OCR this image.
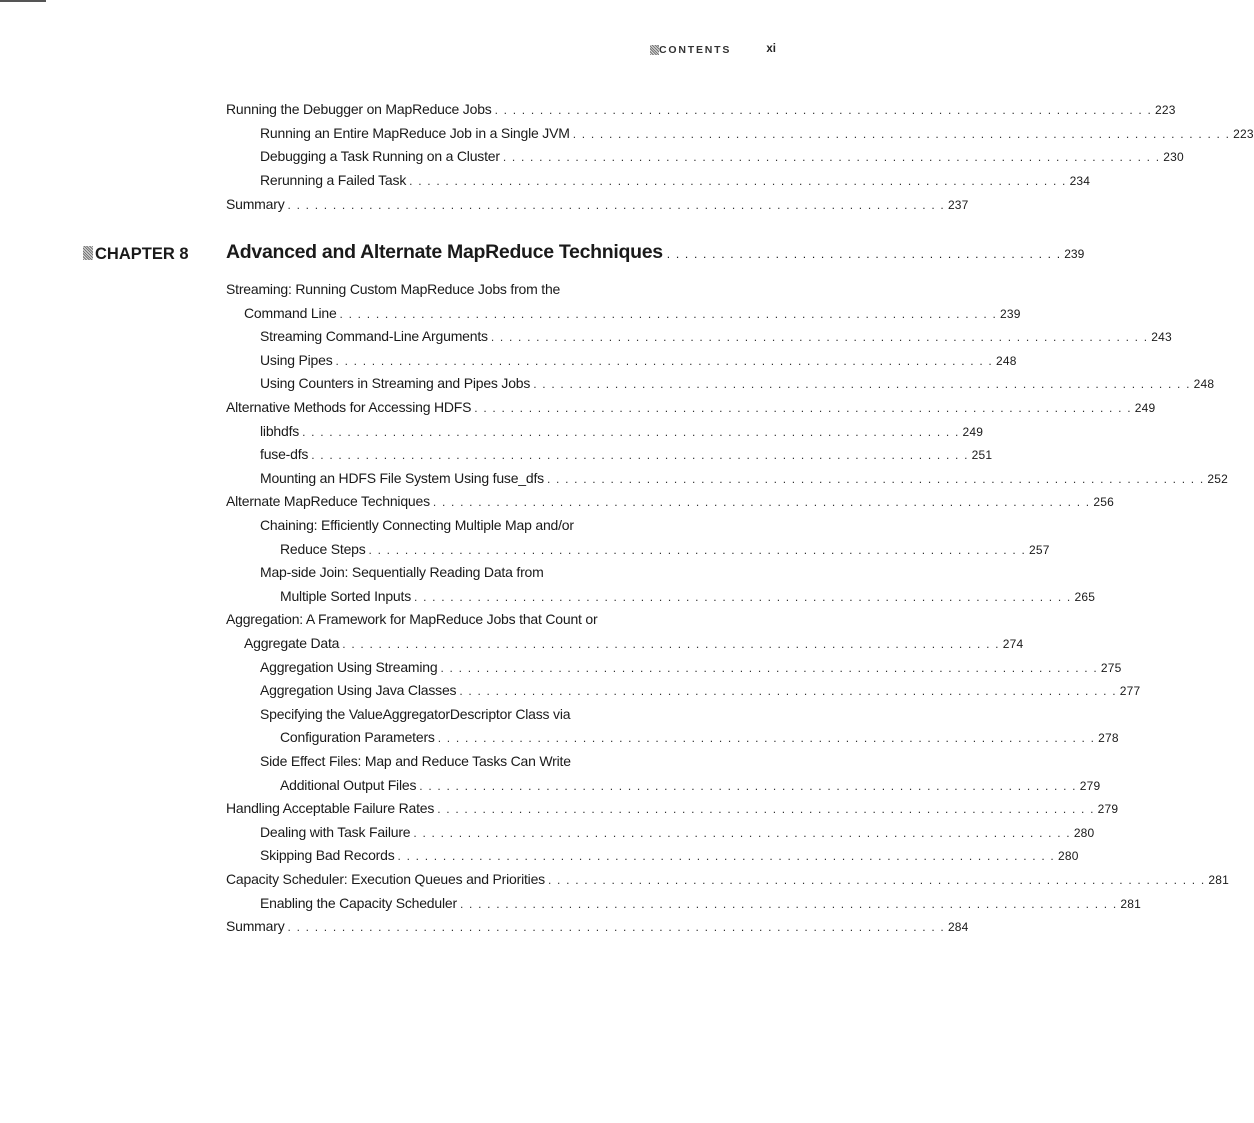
CONTENTS	xi
Running the Debugger on MapReduce Jobs . . . . . . . . . . . . . . . . . . . . . . . . . . . . . . . . . . . . . . . . . . . . . . . . . . . . . . . . . . . . . . . . . . . . . . . . . 223
Running an Entire MapReduce Job in a Single JVM . . . . . . . . . . . . . . . . . . . . . . . . . . . . . . . . . . . . . . . . . . . . . . . . . . . . . . . . . . . . . . . . . . . . . . . . . 223
Debugging a Task Running on a Cluster . . . . . . . . . . . . . . . . . . . . . . . . . . . . . . . . . . . . . . . . . . . . . . . . . . . . . . . . . . . . . . . . . . . . . . . . . 230
Rerunning a Failed Task . . . . . . . . . . . . . . . . . . . . . . . . . . . . . . . . . . . . . . . . . . . . . . . . . . . . . . . . . . . . . . . . . . . . . . . . . 234
Summary . . . . . . . . . . . . . . . . . . . . . . . . . . . . . . . . . . . . . . . . . . . . . . . . . . . . . . . . . . . . . . . . . . . . . . . . . 237
CHAPTER 8	Advanced and Alternate MapReduce Techniques . . . . . . . . . . . . . . . . . . . . . . . . . . . . . . . . . . . . . . . . . . . . 239
Streaming: Running Custom MapReduce Jobs from the
Command Line . . . . . . . . . . . . . . . . . . . . . . . . . . . . . . . . . . . . . . . . . . . . . . . . . . . . . . . . . . . . . . . . . . . . . . . . . 239
Streaming Command-Line Arguments . . . . . . . . . . . . . . . . . . . . . . . . . . . . . . . . . . . . . . . . . . . . . . . . . . . . . . . . . . . . . . . . . . . . . . . . . 243
Using Pipes . . . . . . . . . . . . . . . . . . . . . . . . . . . . . . . . . . . . . . . . . . . . . . . . . . . . . . . . . . . . . . . . . . . . . . . . . 248
Using Counters in Streaming and Pipes Jobs . . . . . . . . . . . . . . . . . . . . . . . . . . . . . . . . . . . . . . . . . . . . . . . . . . . . . . . . . . . . . . . . . . . . . . . . . 248
Alternative Methods for Accessing HDFS . . . . . . . . . . . . . . . . . . . . . . . . . . . . . . . . . . . . . . . . . . . . . . . . . . . . . . . . . . . . . . . . . . . . . . . . . 249
libhdfs . . . . . . . . . . . . . . . . . . . . . . . . . . . . . . . . . . . . . . . . . . . . . . . . . . . . . . . . . . . . . . . . . . . . . . . . . 249
fuse-dfs . . . . . . . . . . . . . . . . . . . . . . . . . . . . . . . . . . . . . . . . . . . . . . . . . . . . . . . . . . . . . . . . . . . . . . . . . 251
Mounting an HDFS File System Using fuse_dfs . . . . . . . . . . . . . . . . . . . . . . . . . . . . . . . . . . . . . . . . . . . . . . . . . . . . . . . . . . . . . . . . . . . . . . . . . 252
Alternate MapReduce Techniques . . . . . . . . . . . . . . . . . . . . . . . . . . . . . . . . . . . . . . . . . . . . . . . . . . . . . . . . . . . . . . . . . . . . . . . . . 256
Chaining: Efficiently Connecting Multiple Map and/or
Reduce Steps . . . . . . . . . . . . . . . . . . . . . . . . . . . . . . . . . . . . . . . . . . . . . . . . . . . . . . . . . . . . . . . . . . . . . . . . . 257
Map-side Join: Sequentially Reading Data from
Multiple Sorted Inputs . . . . . . . . . . . . . . . . . . . . . . . . . . . . . . . . . . . . . . . . . . . . . . . . . . . . . . . . . . . . . . . . . . . . . . . . . 265
Aggregation: A Framework for MapReduce Jobs that Count or
Aggregate Data . . . . . . . . . . . . . . . . . . . . . . . . . . . . . . . . . . . . . . . . . . . . . . . . . . . . . . . . . . . . . . . . . . . . . . . . . 274
Aggregation Using Streaming . . . . . . . . . . . . . . . . . . . . . . . . . . . . . . . . . . . . . . . . . . . . . . . . . . . . . . . . . . . . . . . . . . . . . . . . . 275
Aggregation Using Java Classes . . . . . . . . . . . . . . . . . . . . . . . . . . . . . . . . . . . . . . . . . . . . . . . . . . . . . . . . . . . . . . . . . . . . . . . . . 277
Specifying the ValueAggregatorDescriptor Class via
Configuration Parameters . . . . . . . . . . . . . . . . . . . . . . . . . . . . . . . . . . . . . . . . . . . . . . . . . . . . . . . . . . . . . . . . . . . . . . . . . 278
Side Effect Files: Map and Reduce Tasks Can Write
Additional Output Files . . . . . . . . . . . . . . . . . . . . . . . . . . . . . . . . . . . . . . . . . . . . . . . . . . . . . . . . . . . . . . . . . . . . . . . . . 279
Handling Acceptable Failure Rates . . . . . . . . . . . . . . . . . . . . . . . . . . . . . . . . . . . . . . . . . . . . . . . . . . . . . . . . . . . . . . . . . . . . . . . . . 279
Dealing with Task Failure . . . . . . . . . . . . . . . . . . . . . . . . . . . . . . . . . . . . . . . . . . . . . . . . . . . . . . . . . . . . . . . . . . . . . . . . . 280
Skipping Bad Records . . . . . . . . . . . . . . . . . . . . . . . . . . . . . . . . . . . . . . . . . . . . . . . . . . . . . . . . . . . . . . . . . . . . . . . . . 280
Capacity Scheduler: Execution Queues and Priorities . . . . . . . . . . . . . . . . . . . . . . . . . . . . . . . . . . . . . . . . . . . . . . . . . . . . . . . . . . . . . . . . . . . . . . . . . 281
Enabling the Capacity Scheduler . . . . . . . . . . . . . . . . . . . . . . . . . . . . . . . . . . . . . . . . . . . . . . . . . . . . . . . . . . . . . . . . . . . . . . . . . 281
Summary . . . . . . . . . . . . . . . . . . . . . . . . . . . . . . . . . . . . . . . . . . . . . . . . . . . . . . . . . . . . . . . . . . . . . . . . . 284
